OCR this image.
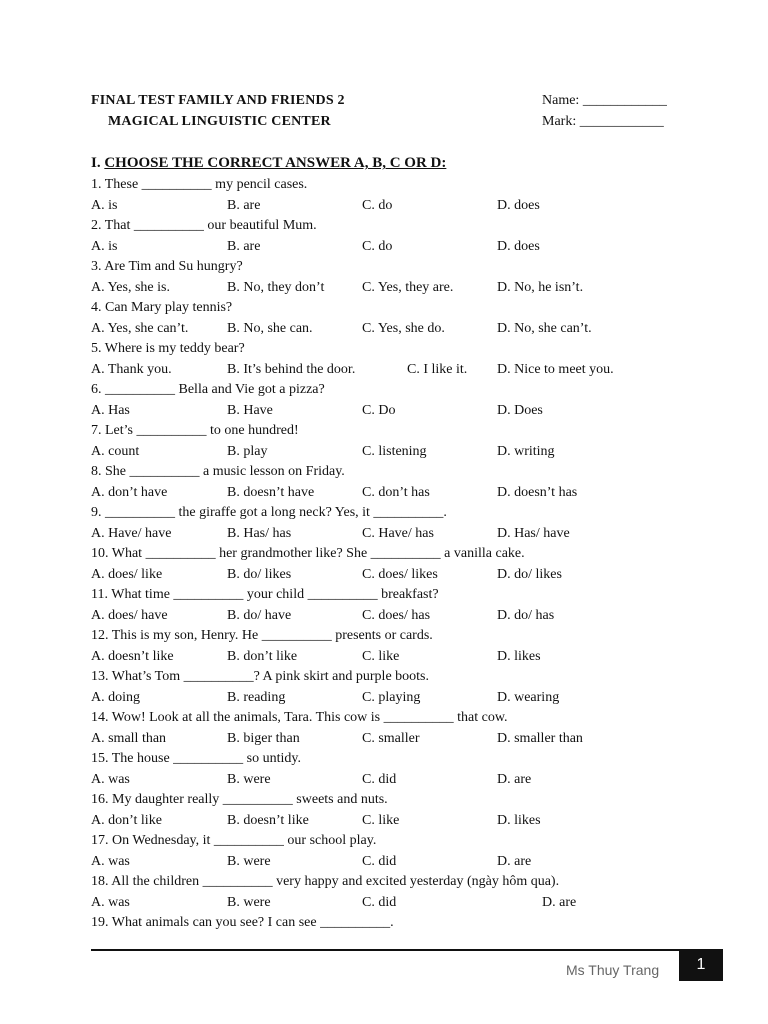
FINAL TEST FAMILY AND FRIENDS 2
MAGICAL LINGUISTIC CENTER
Name: ____________
Mark: ____________
I. CHOOSE THE CORRECT ANSWER A, B, C OR D:
1. These __________ my pencil cases.
A. is	B. are	C. do	D. does
2. That __________ our beautiful Mum.
A. is	B. are	C. do	D. does
3. Are Tim and Su hungry?
A. Yes, she is.	B. No, they don’t	C. Yes, they are.	D. No, he isn’t.
4. Can Mary play tennis?
A. Yes, she can’t.	B. No, she can.	C. Yes, she do.	D. No, she can’t.
5. Where is my teddy bear?
A. Thank you.	B. It’s behind the door.	C. I like it. D. Nice to meet you.
6. __________ Bella and Vie got a pizza?
A. Has	B. Have	C. Do	D. Does
7. Let’s __________ to one hundred!
A. count	B. play	C. listening	D. writing
8. She __________ a music lesson on Friday.
A. don’t have	B. doesn’t have	C. don’t has	D. doesn’t has
9. __________ the giraffe got a long neck? Yes, it __________.
A. Have/ have	B. Has/ has	C. Have/ has	D. Has/ have
10. What __________ her grandmother like? She __________ a vanilla cake.
A. does/ like	B. do/ likes	C. does/ likes	D. do/ likes
11. What time __________ your child __________ breakfast?
A. does/ have	B. do/ have	C. does/ has	D. do/ has
12. This is my son, Henry. He __________ presents or cards.
A. doesn’t like	B. don’t like	C. like	D. likes
13. What’s Tom __________? A pink skirt and purple boots.
A. doing	B. reading	C. playing	D. wearing
14. Wow! Look at all the animals, Tara. This cow is __________ that cow.
A. small than	B. biger than	C. smaller	D. smaller than
15. The house __________ so untidy.
A. was	B. were	C. did	D. are
16. My daughter really __________ sweets and nuts.
A. don’t like	B. doesn’t like	C. like	D. likes
17. On Wednesday, it __________ our school play.
A. was	B. were	C. did	D. are
18. All the children __________ very happy and excited yesterday (ngày hôm qua).
A. was	B. were	C. did	D. are
19. What animals can you see? I can see __________.
Ms Thuy Trang	1
